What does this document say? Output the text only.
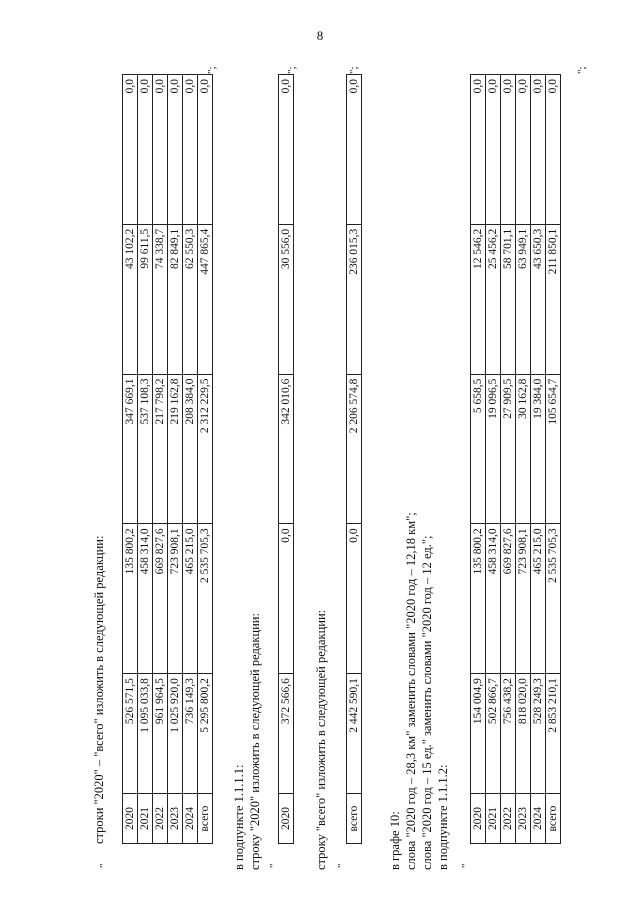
8
"
строки "2020" – "всего" изложить в следующей редакции: 2020	526 571,5	135 800,2	347 669,1	43 102,2	0,0
2021	1 095 033,8	458 314,0	537 108,3	99 611,5	0,0
2022	961 964,5	669 827,6	217 798,2	74 338,7	0,0
2023	1 025 920,0	723 908,1	219 162,8	82 849,1	0,0
2024	736 149,3	465 215,0	208 384,0	62 550,3	0,0
всего	5 295 800,2	2 535 705,3	2 312 229,5	447 865,4	0,0
";
в подпункте 1.1.1.1: строку "2020" изложить в следующей редакции: "
2020	372 566,6	0,0	342 010,6	30 556,0	0,0
";
строку "всего" изложить в следующей редакции: "
всего	2 442 590,1	0,0	2 206 574,8	236 015,3	0,0
";
в графе 10: слова "2020 год – 28,3 км" заменить словами "2020 год – 12,18 км"; слова "2020 год – 15 ед." заменить словами "2020 год – 12 ед."; в подпункте 1.1.1.2: "
2020	154 004,9	135 800,2	5 658,5	12 546,2	0,0
2021	502 866,7	458 314,0	19 096,5	25 456,2	0,0
2022	756 438,2	669 827,6	27 909,5	58 701,1	0,0
2023	818 020,0	723 908,1	30 162,8	63 949,1	0,0
2024	528 249,3	465 215,0	19 384,0	43 650,3	0,0
всего	2 853 210,1	2 535 705,3	105 654,7	211 850,1	0,0
";
